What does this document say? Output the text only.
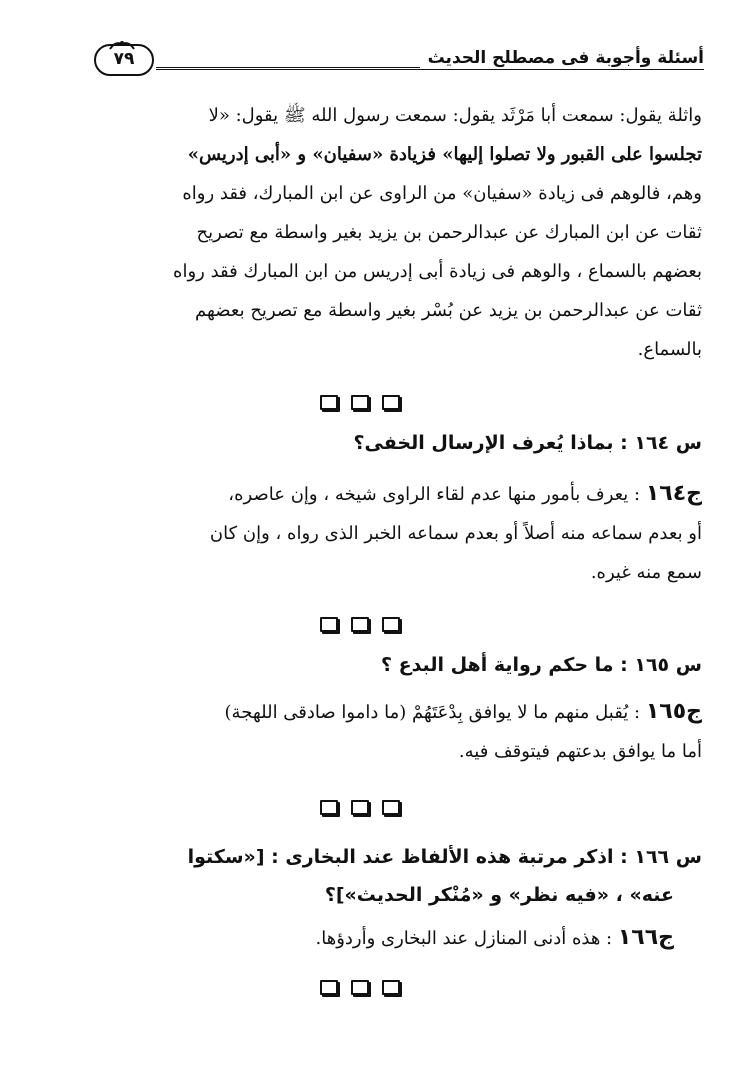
أسئلة وأجوبة فى مصطلح الحديث
٧٩
واثلة يقول: سمعت أبا مَرْثَد يقول: سمعت رسول الله ﷺ يقول: «لا
تجلسوا على القبور ولا تصلوا إليها» فزيادة «سفيان» و «أبى إدريس»
وهم، فالوهم فى زيادة «سفيان» من الراوى عن ابن المبارك، فقد رواه
ثقات عن ابن المبارك عن عبدالرحمن بن يزيد بغير واسطة مع تصريح
بعضهم بالسماع ، والوهم فى زيادة أبى إدريس من ابن المبارك فقد رواه
ثقات عن عبدالرحمن بن يزيد عن بُسْر بغير واسطة مع تصريح بعضهم
بالسماع.
س ١٦٤ : بماذا يُعرف الإرسال الخفى؟
ج١٦٤ : يعرف بأمور منها عدم لقاء الراوى شيخه ، وإن عاصره،
أو بعدم سماعه منه أصلاً أو بعدم سماعه الخبر الذى رواه ، وإن كان
سمع منه غيره.
س ١٦٥ : ما حكم رواية أهل البدع ؟
ج١٦٥ : يُقبل منهم ما لا يوافق بِدْعَتَهُمْ (ما داموا صادقى اللهجة)
أما ما يوافق بدعتهم فيتوقف فيه.
س ١٦٦ : اذكر مرتبة هذه الألفاظ عند البخارى : [«سكتوا
عنه» ، «فيه نظر» و «مُنْكر الحديث»]؟
ج١٦٦ : هذه أدنى المنازل عند البخارى وأردؤها.
